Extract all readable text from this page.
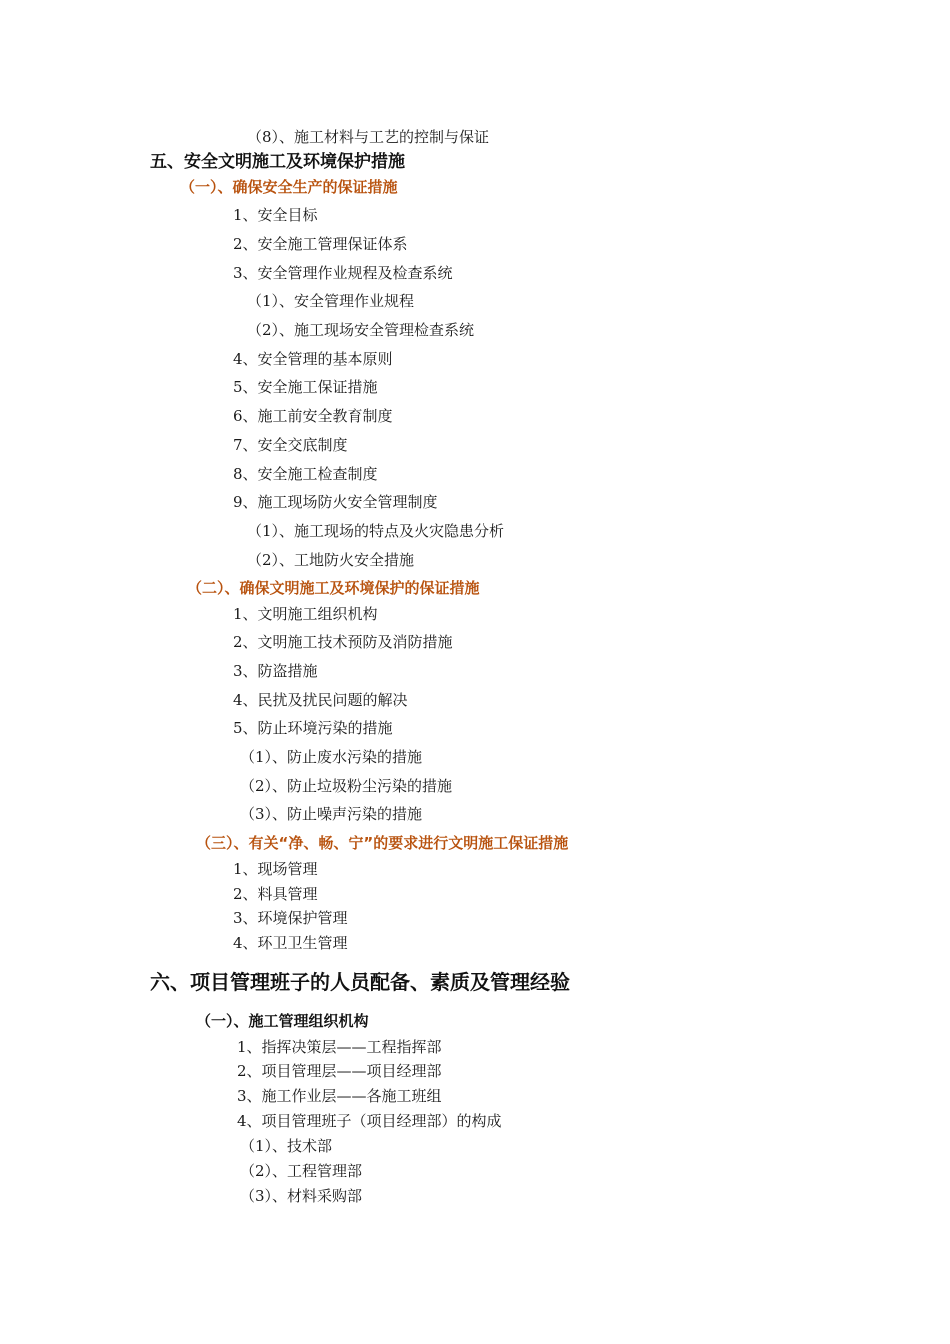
（8）、施工材料与工艺的控制与保证
五、安全文明施工及环境保护措施
（一）、确保安全生产的保证措施
1、安全目标
2、安全施工管理保证体系
3、安全管理作业规程及检查系统
（1）、安全管理作业规程
（2）、施工现场安全管理检查系统
4、安全管理的基本原则
5、安全施工保证措施
6、施工前安全教育制度
7、安全交底制度
8、安全施工检查制度
9、施工现场防火安全管理制度
（1）、施工现场的特点及火灾隐患分析
（2）、工地防火安全措施
（二）、确保文明施工及环境保护的保证措施
1、文明施工组织机构
2、文明施工技术预防及消防措施
3、防盗措施
4、民扰及扰民问题的解决
5、防止环境污染的措施
（1）、防止废水污染的措施
（2）、防止垃圾粉尘污染的措施
（3）、防止噪声污染的措施
（三）、有关“净、畅、宁”的要求进行文明施工保证措施
1、现场管理
2、料具管理
3、环境保护管理
4、环卫卫生管理
六、项目管理班子的人员配备、素质及管理经验
（一）、施工管理组织机构
1、指挥决策层——工程指挥部
2、项目管理层——项目经理部
3、施工作业层——各施工班组
4、项目管理班子（项目经理部）的构成
（1）、技术部
（2）、工程管理部
（3）、材料采购部
